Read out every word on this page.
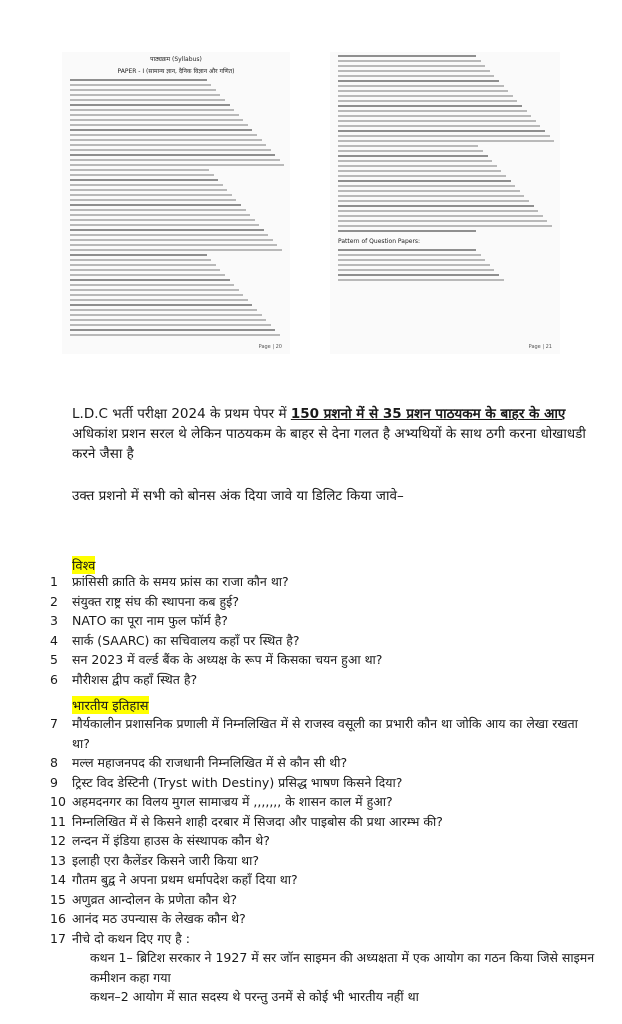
पाठ्यक्रम (Syllabus)
PAPER - I (सामान्य ज्ञान, दैनिक विज्ञान और गणित)
Page | 20
Pattern of Question Papers:
Page | 21
L.D.C भर्ती परीक्षा 2024 के प्रथम पेपर में 150 प्रशनो में से 35 प्रशन पाठयकम के बाहर के आए अधिकांश प्रशन सरल थे लेकिन पाठयकम के बाहर से देना गलत है अभ्यथियों के साथ ठगी करना धोखाधडी करने जैसा है
उक्त प्रशनो में सभी को बोनस अंक दिया जावे या डिलिट किया जावे–
विश्व
1	फ्रांसिसी क्राति के समय फ्रांस का राजा कौन था?
2	संयुक्त राष्ट्र संघ की स्थापना कब हुई?
3	NATO का पूरा नाम फुल फॉर्म है?
4	सार्क (SAARC) का सचिवालय कहॉं पर स्थित है?
5	सन 2023 में वर्ल्ड बैंक के अध्यक्ष के रूप में किसका चयन हुआ था?
6	मौरीशस द्वीप कहॉं स्थित है?
भारतीय इतिहास
7	मौर्यकालीन प्रशासनिक प्रणाली में निम्नलिखित में से राजस्व वसूली का प्रभारी कौन था जोकि आय का लेखा रखता था?
8	मल्ल महाजनपद की राजधानी निम्नलिखित में से कौन सी थी?
9	ट्रिस्ट विद डेस्टिनी (Tryst with Destiny) प्रसिद्ध भाषण किसने दिया?
10 अहमदनगर का विलय मुगल सामाज्रय में ,,,,,,, के शासन काल में हुआ?
11 निम्नलिखित में से किसने शाही दरबार में सिजदा और पाइबोस की प्रथा आरम्भ की?
12 लन्दन में इंडिया हाउस के संस्थापक कौन थे?
13 इलाही एरा कैलेंडर किसने जारी किया था?
14 गौतम बुद्व ने अपना प्रथम धर्मापदेश कहॉं दिया था?
15 अणुव्रत आन्दोलन के प्रणेता कौन थे?
16 आनंद मठ उपन्यास के लेखक कौन थे?
17 नीचे दो कथन दिए गए है :
कथन 1– ब्रिटिश सरकार ने 1927 में सर जॉन साइमन की अध्यक्षता में एक आयोग का गठन किया जिसे साइमन कमीशन कहा गया
कथन–2 आयोग में सात सदस्य थे परन्तु उनमें से कोई भी भारतीय नहीं था
